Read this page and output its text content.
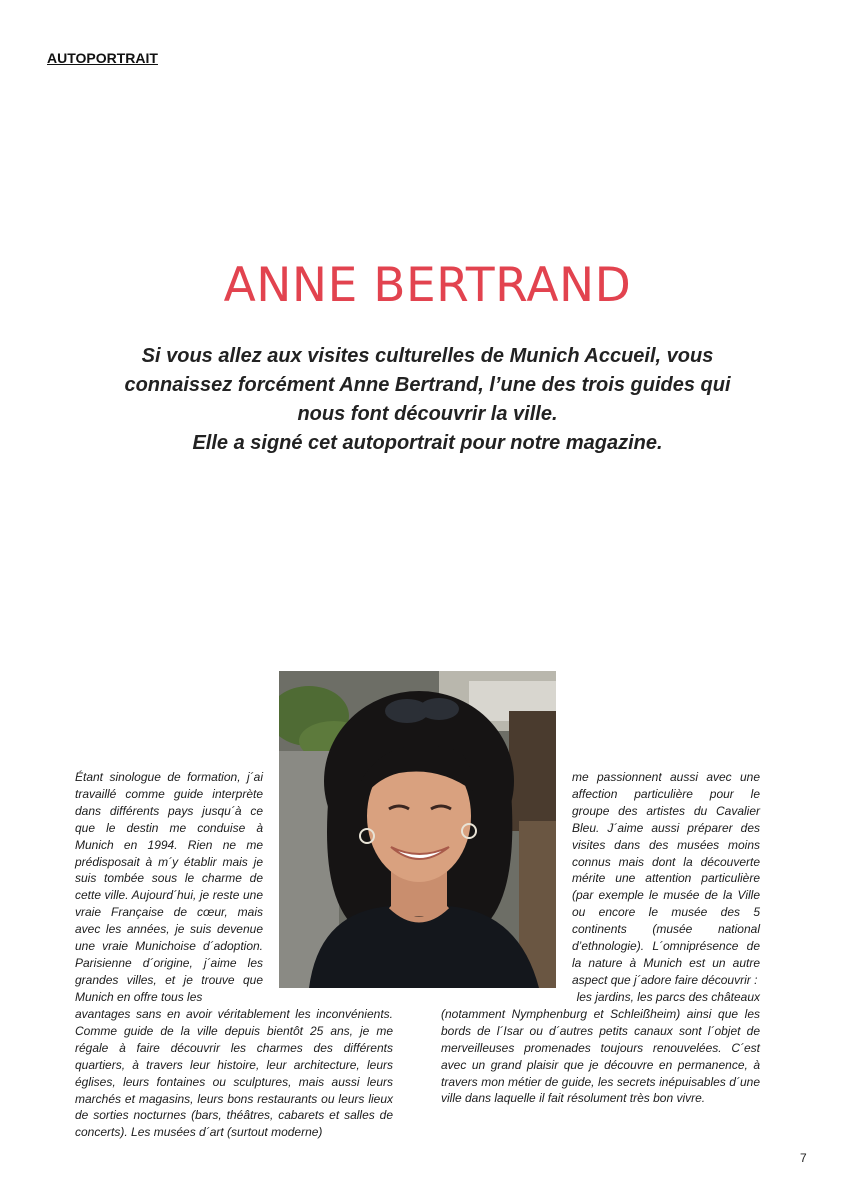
AUTOPORTRAIT
ANNE BERTRAND
Si vous allez aux visites culturelles de Munich Accueil, vous
connaissez forcément Anne Bertrand, l’une des trois guides qui
nous font découvrir la ville.
Elle a signé cet autoportrait pour notre magazine.
Étant sinologue de formation, j´ai travaillé comme guide interprète dans différents pays jusqu´à ce que le destin me conduise à Munich en 1994. Rien ne me prédisposait à m´y établir mais je suis tombée sous le charme de cette ville. Aujourd´hui, je reste une vraie Française de cœur, mais avec les années, je suis devenue une vraie Munichoise d´adoption. Parisienne d´origine, j´aime les grandes villes, et je trouve que Munich en offre tous les
avantages sans en avoir véritablement les inconvénients. Comme guide de la ville depuis bientôt 25 ans, je me régale à faire découvrir les charmes des différents quartiers, à travers leur histoire, leur architecture, leurs églises, leurs fontaines ou sculptures, mais aussi leurs marchés et magasins, leurs bons restaurants ou leurs lieux de sorties nocturnes (bars, théâtres, cabarets et salles de concerts). Les musées d´art (surtout moderne)
me passionnent aussi avec une affection particulière pour le groupe des artistes du Cavalier Bleu. J´aime aussi préparer des visites dans des musées moins connus mais dont la découverte mérite une attention particulière (par exemple le musée de la Ville ou encore le musée des 5 continents (musée national d’ethnologie). L´omniprésence de la nature à Munich est un autre aspect que j´adore faire découvrir :
les jardins, les parcs des châteaux
(notamment Nymphenburg et Schleißheim) ainsi que les bords de l´Isar ou d´autres petits canaux sont l´objet de merveilleuses promenades toujours renouvelées. C´est avec un grand plaisir que je découvre en permanence, à travers mon métier de guide, les secrets inépuisables d´une ville dans laquelle il fait résolument très bon vivre.
7
